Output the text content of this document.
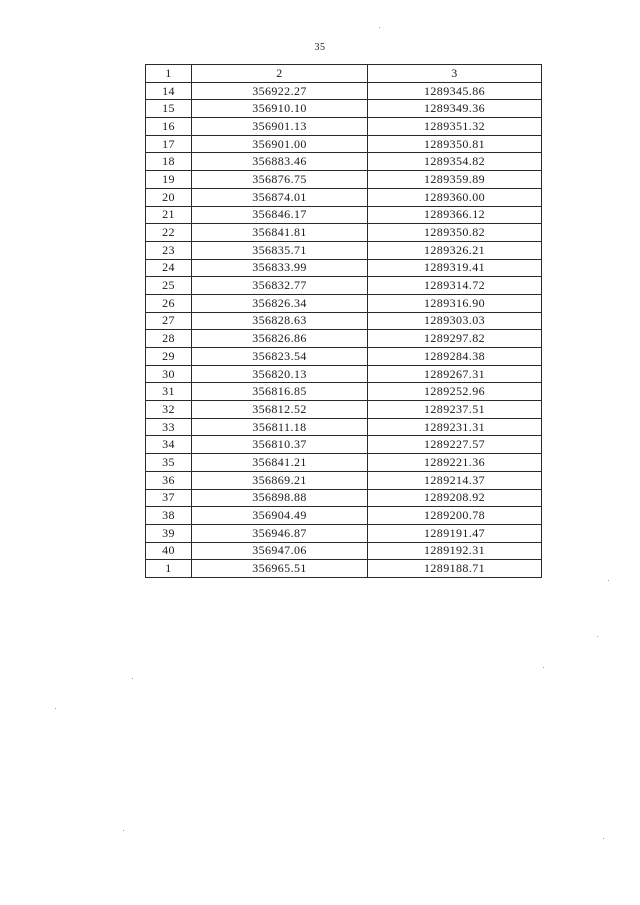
35
1	2	3
14	356922.27	1289345.86
15	356910.10	1289349.36
16	356901.13	1289351.32
17	356901.00	1289350.81
18	356883.46	1289354.82
19	356876.75	1289359.89
20	356874.01	1289360.00
21	356846.17	1289366.12
22	356841.81	1289350.82
23	356835.71	1289326.21
24	356833.99	1289319.41
25	356832.77	1289314.72
26	356826.34	1289316.90
27	356828.63	1289303.03
28	356826.86	1289297.82
29	356823.54	1289284.38
30	356820.13	1289267.31
31	356816.85	1289252.96
32	356812.52	1289237.51
33	356811.18	1289231.31
34	356810.37	1289227.57
35	356841.21	1289221.36
36	356869.21	1289214.37
37	356898.88	1289208.92
38	356904.49	1289200.78
39	356946.87	1289191.47
40	356947.06	1289192.31
1	356965.51	1289188.71
